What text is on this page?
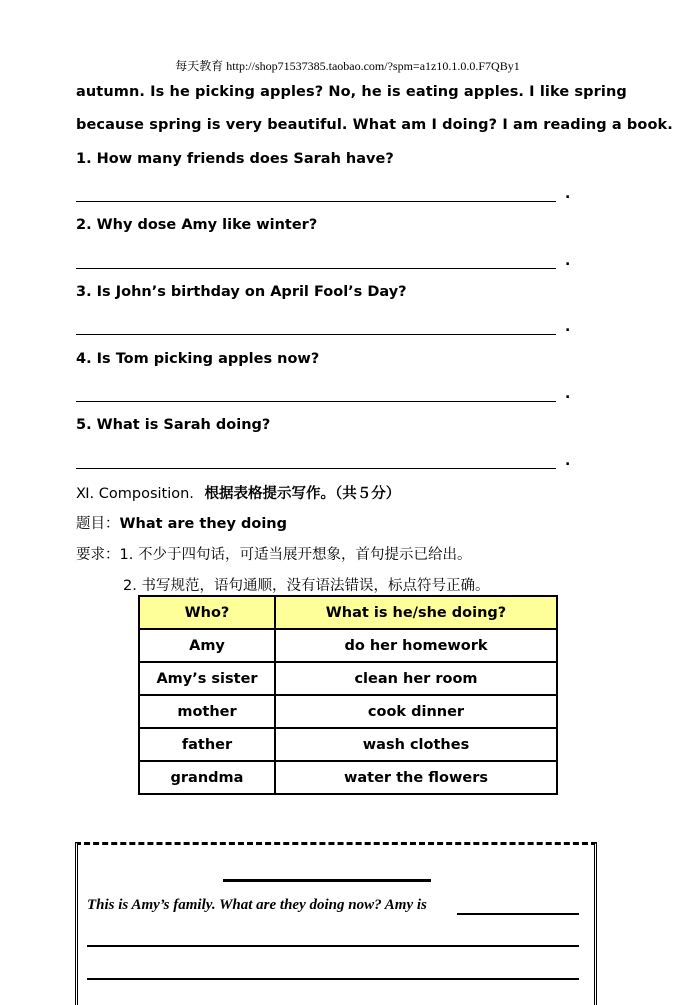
每天教育 http://shop71537385.taobao.com/?spm=a1z10.1.0.0.F7QBy1
autumn. Is he picking apples? No, he is eating apples. I like spring
because spring is very beautiful. What am I doing? I am reading a book.
1. How many friends does Sarah have?
.
2. Why dose Amy like winter?
.
3. Is John’s birthday on April Fool’s Day?
.
4. Is Tom picking apples now?
.
5. What is Sarah doing?
.
Ⅺ. Composition. 根据表格提示写作。（共５分）
题目：What are they doing
要求：1. 不少于四句话，可适当展开想象，首句提示已给出。
2. 书写规范，语句通顺，没有语法错误，标点符号正确。
Who?	What is he/she doing?
Amy	do her homework
Amy’s sister	clean her room
mother	cook dinner
father	wash clothes
grandma	water the flowers
This is Amy’s family. What are they doing now? Amy is
